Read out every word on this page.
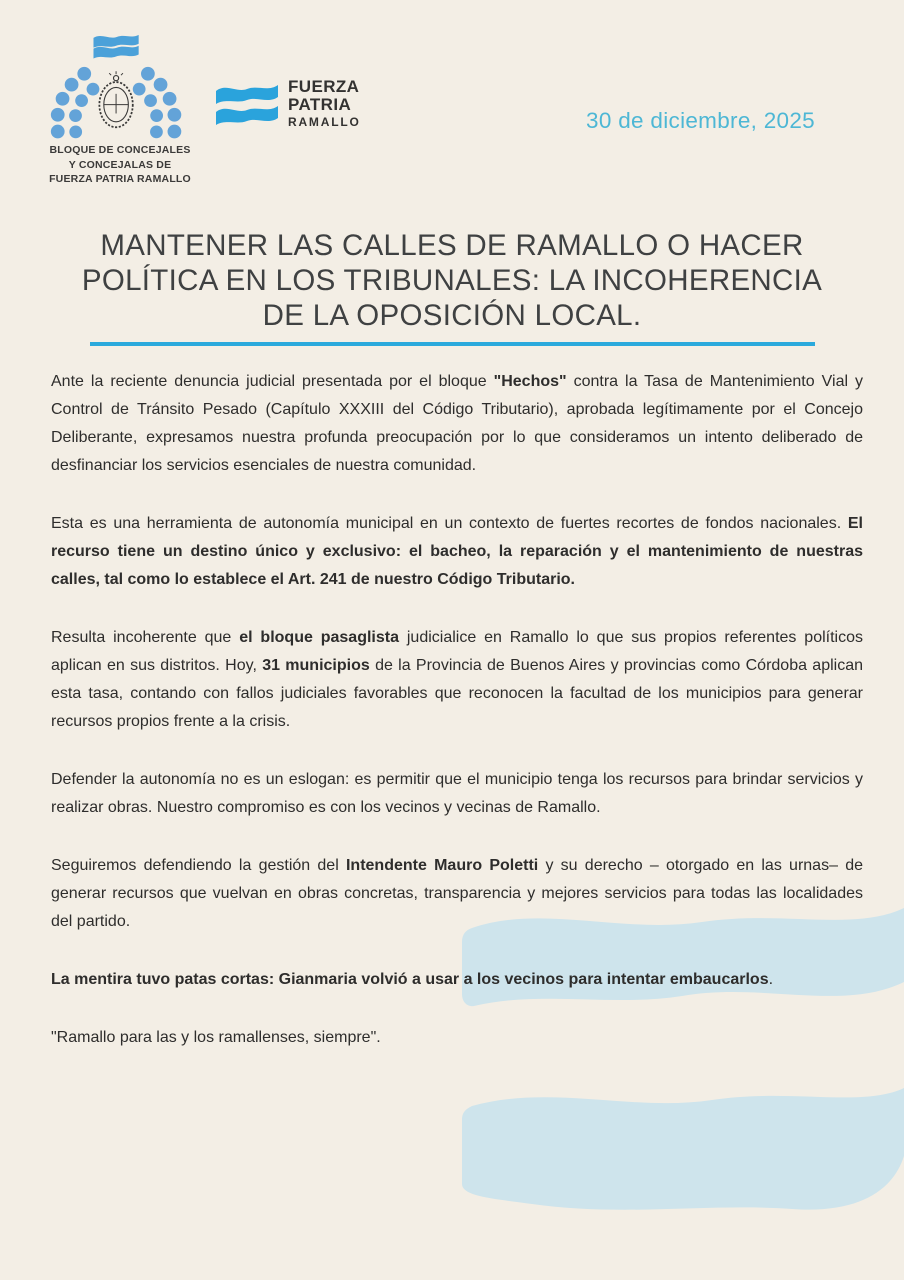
BLOQUE DE CONCEJALES
Y CONCEJALAS DE
FUERZA PATRIA RAMALLO
FUERZA
PATRIA
RAMALLO	30 de diciembre, 2025
MANTENER LAS CALLES DE RAMALLO O HACER POLÍTICA EN LOS TRIBUNALES: LA INCOHERENCIA DE LA OPOSICIÓN LOCAL.

Ante la reciente denuncia judicial presentada por el bloque "Hechos" contra la Tasa de Mantenimiento Vial y Control de Tránsito Pesado (Capítulo XXXIII del Código Tributario), aprobada legítimamente por el Concejo Deliberante, expresamos nuestra profunda preocupación por lo que consideramos un intento deliberado de desfinanciar los servicios esenciales de nuestra comunidad.

Esta es una herramienta de autonomía municipal en un contexto de fuertes recortes de fondos nacionales. El recurso tiene un destino único y exclusivo: el bacheo, la reparación y el mantenimiento de nuestras calles, tal como lo establece el Art. 241 de nuestro Código Tributario.

Resulta incoherente que el bloque pasaglista judicialice en Ramallo lo que sus propios referentes políticos aplican en sus distritos. Hoy, 31 municipios de la Provincia de Buenos Aires y provincias como Córdoba aplican esta tasa, contando con fallos judiciales favorables que reconocen la facultad de los municipios para generar recursos propios frente a la crisis.

Defender la autonomía no es un eslogan: es permitir que el municipio tenga los recursos para brindar servicios y realizar obras. Nuestro compromiso es con los vecinos y vecinas de Ramallo.

Seguiremos defendiendo la gestión del Intendente Mauro Poletti y su derecho – otorgado en las urnas– de generar recursos que vuelvan en obras concretas, transparencia y mejores servicios para todas las localidades del partido.

La mentira tuvo patas cortas: Gianmaria volvió a usar a los vecinos para intentar embaucarlos.

"Ramallo para las y los ramallenses, siempre".
